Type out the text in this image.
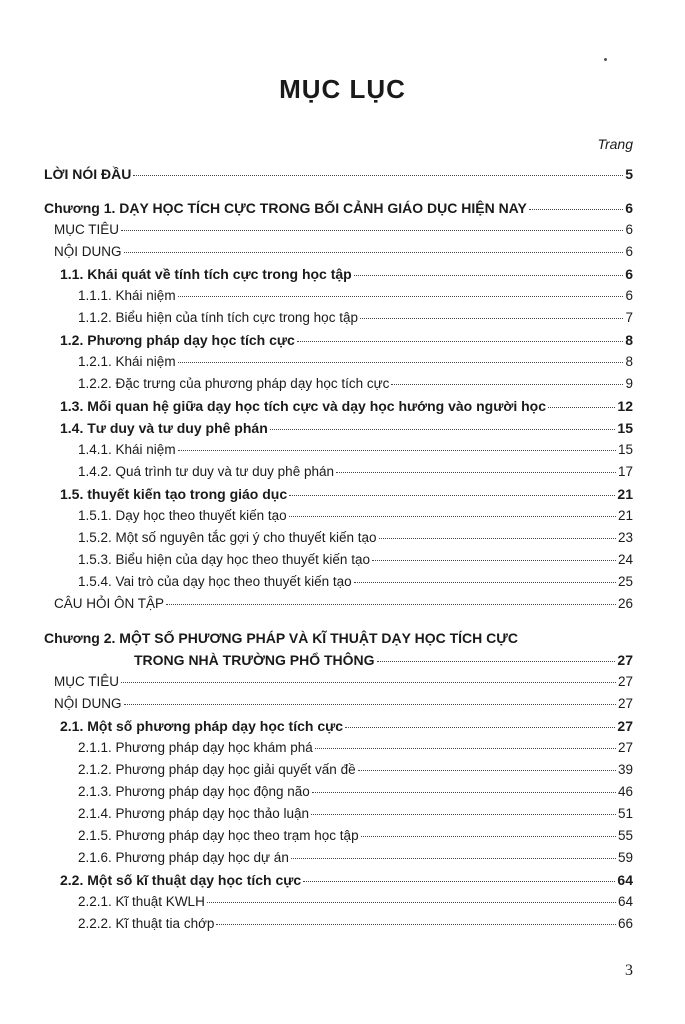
MỤC LỤC
Trang
LỜI NÓI ĐẦU	5
Chương 1. DẠY HỌC TÍCH CỰC TRONG BỐI CẢNH GIÁO DỤC HIỆN NAY	6
MỤC TIÊU	6
NỘI DUNG	6
1.1. Khái quát về tính tích cực trong học tập	6
1.1.1. Khái niệm	6
1.1.2. Biểu hiện của tính tích cực trong học tập	7
1.2. Phương pháp dạy học tích cực	8
1.2.1. Khái niệm	8
1.2.2. Đặc trưng của phương pháp dạy học tích cực	9
1.3. Mối quan hệ giữa dạy học tích cực và dạy học hướng vào người học	12
1.4. Tư duy và tư duy phê phán	15
1.4.1. Khái niệm	15
1.4.2. Quá trình tư duy và tư duy phê phán	17
1.5. thuyết kiến tạo trong giáo dục	21
1.5.1. Dạy học theo thuyết kiến tạo	21
1.5.2. Một số nguyên tắc gợi ý cho thuyết kiến tạo	23
1.5.3. Biểu hiện của dạy học theo thuyết kiến tạo	24
1.5.4. Vai trò của dạy học theo thuyết kiến tạo	25
CÂU HỎI ÔN TẬP	26
Chương 2. MỘT SỐ PHƯƠNG PHÁP VÀ KĨ THUẬT DẠY HỌC TÍCH CỰC
TRONG NHÀ TRƯỜNG PHỔ THÔNG	27
MỤC TIÊU	27
NỘI DUNG	27
2.1. Một số phương pháp dạy học tích cực	27
2.1.1. Phương pháp dạy học khám phá	27
2.1.2. Phương pháp dạy học giải quyết vấn đề	39
2.1.3. Phương pháp dạy học động não	46
2.1.4. Phương pháp dạy học thảo luận	51
2.1.5. Phương pháp dạy học theo trạm học tập	55
2.1.6. Phương pháp dạy học dự án	59
2.2. Một số kĩ thuật dạy học tích cực	64
2.2.1. Kĩ thuật KWLH	64
2.2.2. Kĩ thuật tia chớp	66
3
